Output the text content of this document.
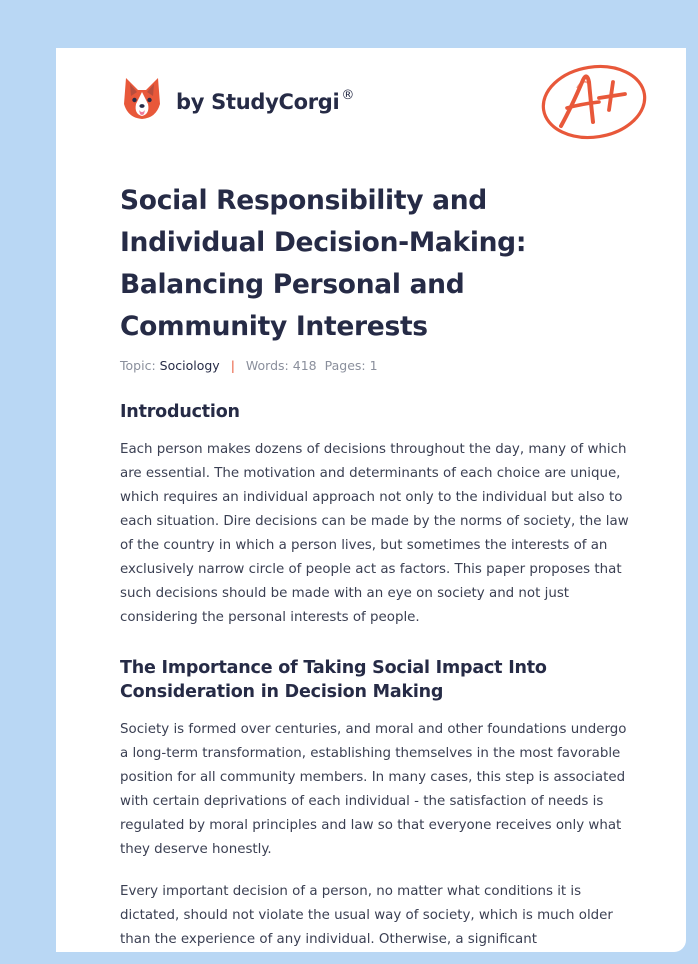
by StudyCorgi ®
Social Responsibility and Individual Decision-Making: Balancing Personal and Community Interests
Topic: Sociology | Words: 418 Pages: 1
Introduction

Each person makes dozens of decisions throughout the day, many of which are essential. The motivation and determinants of each choice are unique, which requires an individual approach not only to the individual but also to each situation. Dire decisions can be made by the norms of society, the law of the country in which a person lives, but sometimes the interests of an exclusively narrow circle of people act as factors. This paper proposes that such decisions should be made with an eye on society and not just considering the personal interests of people.

The Importance of Taking Social Impact Into Consideration in Decision Making

Society is formed over centuries, and moral and other foundations undergo a long-term transformation, establishing themselves in the most favorable position for all community members. In many cases, this step is associated with certain deprivations of each individual - the satisfaction of needs is regulated by moral principles and law so that everyone receives only what they deserve honestly.

Every important decision of a person, no matter what conditions it is dictated, should not violate the usual way of society, which is much older than the experience of any individual. Otherwise, a significant
